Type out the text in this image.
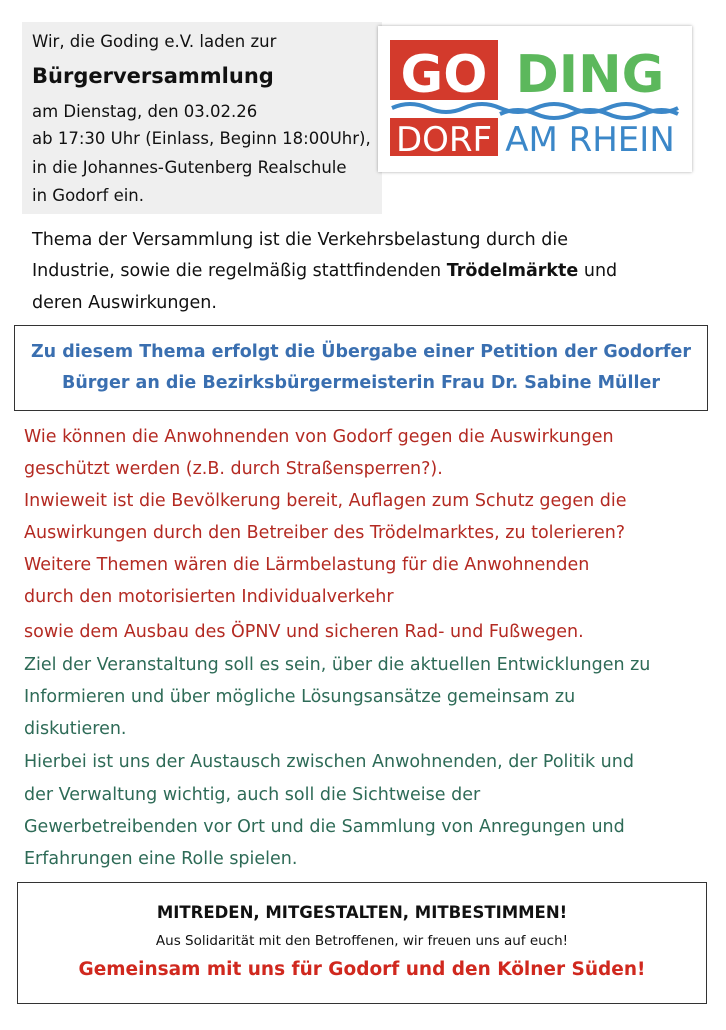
Wir, die Goding e.V. laden zur
Bürgerversammlung
am Dienstag, den 03.02.26
ab 17:30 Uhr (Einlass, Beginn 18:00Uhr),
in die Johannes-Gutenberg Realschule
in Godorf ein.
GO DING
DORF AM RHEIN
Thema der Versammlung ist die Verkehrsbelastung durch die
Industrie, sowie die regelmäßig stattfindenden Trödelmärkte und
deren Auswirkungen.
Zu diesem Thema erfolgt die Übergabe einer Petition der Godorfer
Bürger an die Bezirksbürgermeisterin Frau Dr. Sabine Müller
Wie können die Anwohnenden von Godorf gegen die Auswirkungen
geschützt werden (z.B. durch Straßensperren?).
Inwieweit ist die Bevölkerung bereit, Auflagen zum Schutz gegen die
Auswirkungen durch den Betreiber des Trödelmarktes, zu tolerieren?
Weitere Themen wären die Lärmbelastung für die Anwohnenden
durch den motorisierten Individualverkehr
sowie dem Ausbau des ÖPNV und sicheren Rad- und Fußwegen.
Ziel der Veranstaltung soll es sein, über die aktuellen Entwicklungen zu
Informieren und über mögliche Lösungsansätze gemeinsam zu
diskutieren.
Hierbei ist uns der Austausch zwischen Anwohnenden, der Politik und
der Verwaltung wichtig, auch soll die Sichtweise der
Gewerbetreibenden vor Ort und die Sammlung von Anregungen und
Erfahrungen eine Rolle spielen.
MITREDEN, MITGESTALTEN, MITBESTIMMEN!
Aus Solidarität mit den Betroffenen, wir freuen uns auf euch!
Gemeinsam mit uns für Godorf und den Kölner Süden!
